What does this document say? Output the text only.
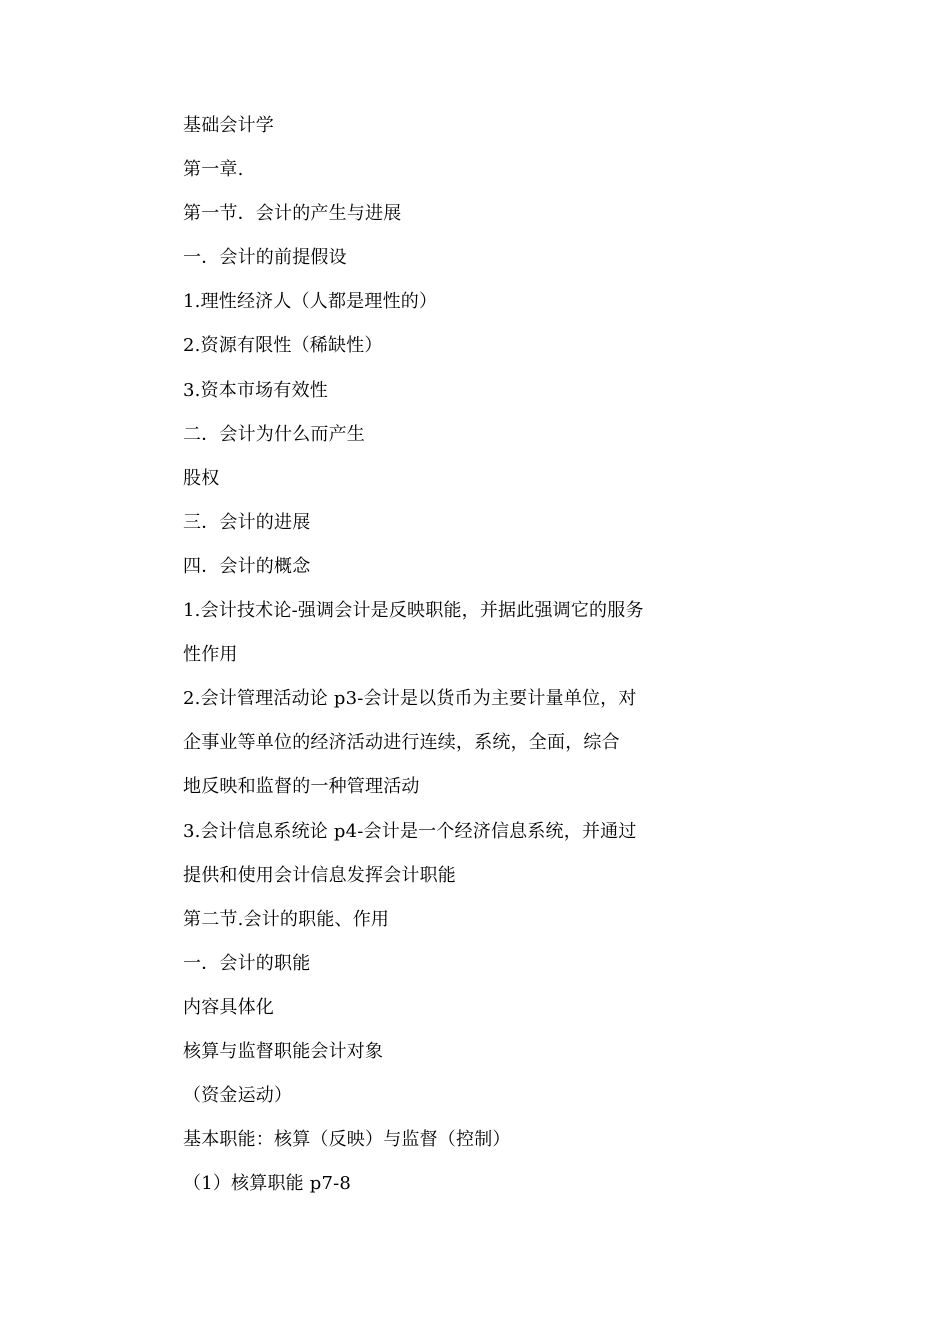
基础会计学
第一章.
第一节．会计的产生与进展
一．会计的前提假设
1.理性经济人（人都是理性的）
2.资源有限性（稀缺性）
3.资本市场有效性
二．会计为什么而产生
股权
三．会计的进展
四．会计的概念
1.会计技术论-强调会计是反映职能，并据此强调它的服务
性作用
2.会计管理活动论 p3-会计是以货币为主要计量单位，对
企事业等单位的经济活动进行连续，系统，全面，综合
地反映和监督的一种管理活动
3.会计信息系统论 p4-会计是一个经济信息系统，并通过
提供和使用会计信息发挥会计职能
第二节.会计的职能、作用
一．会计的职能
内容具体化
核算与监督职能会计对象
（资金运动）
基本职能：核算（反映）与监督（控制）
（1）核算职能 p7-8
